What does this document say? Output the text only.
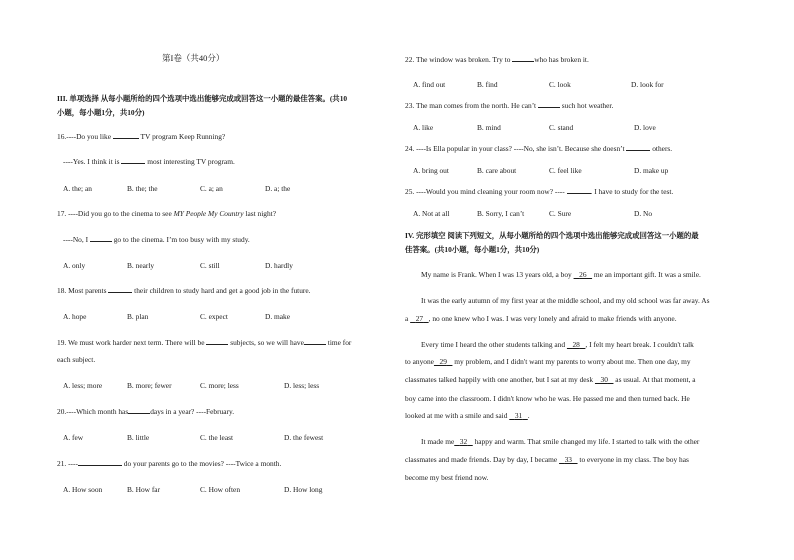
第I卷（共40分）
III. 单项选择 从每小题所给的四个选项中选出能够完成或回答这一小题的最佳答案。(共10
小题，每小题1分，共10分)
16.----Do you like	TV program Keep Running?
----Yes. I think it is	most interesting TV program.
A. the; an	B. the; the	C. a; an	D. a; the
17. ----Did you go to the cinema to see MY People My Country last night?
----No, I	go to the cinema. I’m too busy with my study.
A. only	B. nearly	C. still	D. hardly
18. Most parents	their children to study hard and get a good job in the future.
A. hope	B. plan	C. expect	D. make
19. We must work harder next term. There will be	subjects, so we will have	time for
each subject.
A. less; more	B. more; fewer	C. more; less	D. less; less
20.----Which month has	days in a year? ----February.
A. few	B. little	C. the least	D. the fewest
21. ----	do your parents go to the movies? ----Twice a month.
A. How soon	B. How far	C. How often	D. How long
22. The window was broken. Try to	who has broken it.
A. find out	B. find	C. look	D. look for
23. The man comes from the north. He can’t	such hot weather.
A. like	B. mind	C. stand	D. love
24. ----Is Ella popular in your class? ----No, she isn’t. Because she doesn’t	others.
A. bring out	B. care about	C. feel like	D. make up
25. ----Would you mind cleaning your room now? ----	. I have to study for the test.
A. Not at all	B. Sorry, I can’t	C. Sure	D. No
IV. 完形填空 阅读下列短文，从每小题所给的四个选项中选出能够完成或回答这一小题的最
佳答案。(共10小题，每小题1分，共10分)
My name is Frank. When I was 13 years old, a boy    26    me an important gift. It was a smile.
It was the early autumn of my first year at the middle school, and my old school was far away. As
a    27 , no one knew who I was. I was very lonely and afraid to make friends with anyone.
Every time I heard the other students talking and    28 , I felt my heart break. I couldn't talk
to anyone 29    my problem, and I didn't want my parents to worry about me. Then one day, my
classmates talked happily with one another, but I sat at my desk    30    as usual. At that moment, a
boy came into the classroom. I didn't know who he was. He passed me and then turned back. He
looked at me with a smile and said    31 .
It made me 32    happy and warm. That smile changed my life. I started to talk with the other
classmates and made friends. Day by day, I became    33    to everyone in my class. The boy has
become my best friend now.
